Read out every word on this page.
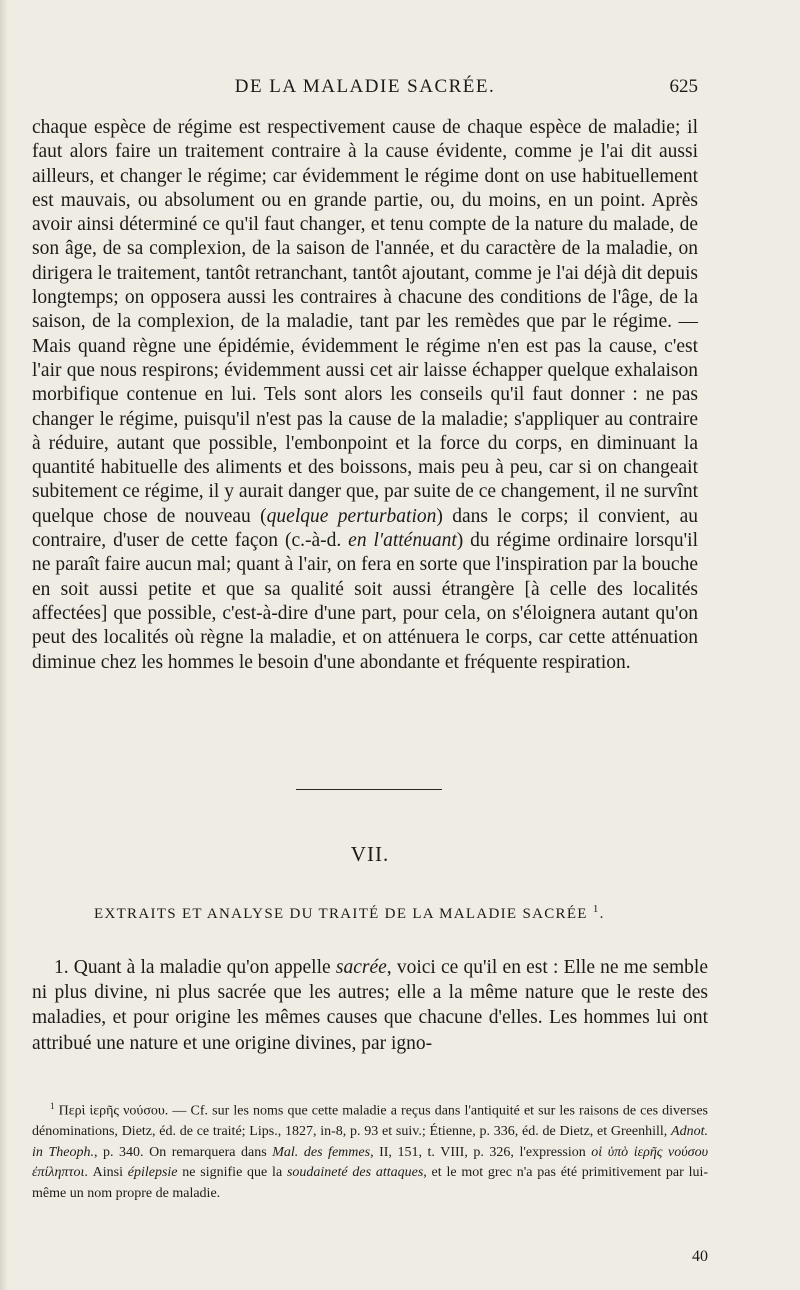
DE LA MALADIE SACRÉE.	625

chaque espèce de régime est respectivement cause de chaque espèce de maladie; il faut alors faire un traitement contraire à la cause évidente, comme je l'ai dit aussi ailleurs, et changer le régime; car évidemment le régime dont on use habituellement est mauvais, ou absolument ou en grande partie, ou, du moins, en un point. Après avoir ainsi déterminé ce qu'il faut changer, et tenu compte de la nature du malade, de son âge, de sa complexion, de la saison de l'année, et du caractère de la maladie, on dirigera le traitement, tantôt retranchant, tantôt ajoutant, comme je l'ai déjà dit depuis longtemps; on opposera aussi les contraires à chacune des conditions de l'âge, de la saison, de la complexion, de la maladie, tant par les remèdes que par le régime. — Mais quand règne une épidémie, évidemment le régime n'en est pas la cause, c'est l'air que nous respirons; évidemment aussi cet air laisse échapper quelque exhalaison morbifique contenue en lui. Tels sont alors les conseils qu'il faut donner : ne pas changer le régime, puisqu'il n'est pas la cause de la maladie; s'appliquer au contraire à réduire, autant que possible, l'embonpoint et la force du corps, en diminuant la quantité habituelle des aliments et des boissons, mais peu à peu, car si on changeait subitement ce régime, il y aurait danger que, par suite de ce changement, il ne survînt quelque chose de nouveau (quelque perturbation) dans le corps; il convient, au contraire, d'user de cette façon (c.-à-d. en l'atténuant) du régime ordinaire lorsqu'il ne paraît faire aucun mal; quant à l'air, on fera en sorte que l'inspiration par la bouche en soit aussi petite et que sa qualité soit aussi étrangère [à celle des localités affectées] que possible, c'est-à-dire d'une part, pour cela, on s'éloignera autant qu'on peut des localités où règne la maladie, et on atténuera le corps, car cette atténuation diminue chez les hommes le besoin d'une abondante et fréquente respiration.

VII.
EXTRAITS ET ANALYSE DU TRAITÉ DE LA MALADIE SACRÉE $^1$.

1. Quant à la maladie qu'on appelle sacrée, voici ce qu'il en est : Elle ne me semble ni plus divine, ni plus sacrée que les autres; elle a la même nature que le reste des maladies, et pour origine les mêmes causes que chacune d'elles. Les hommes lui ont attribué une nature et une origine divines, par igno-

$^1$ Περὶ ἱερῆς νούσου. — Cf. sur les noms que cette maladie a reçus dans l'antiquité et sur les raisons de ces diverses dénominations, Dietz, éd. de ce traité; Lips., 1827, in-8, p. 93 et suiv.; Étienne, p. 336, éd. de Dietz, et Greenhill, Adnot. in Theoph., p. 340. On remarquera dans Mal. des femmes, II, 151, t. VIII, p. 326, l'expression οἱ ὑπὸ ἱερῆς νούσου ἐπίληπτοι. Ainsi épilepsie ne signifie que la soudaineté des attaques, et le mot grec n'a pas été primitivement par lui-même un nom propre de maladie.

40
